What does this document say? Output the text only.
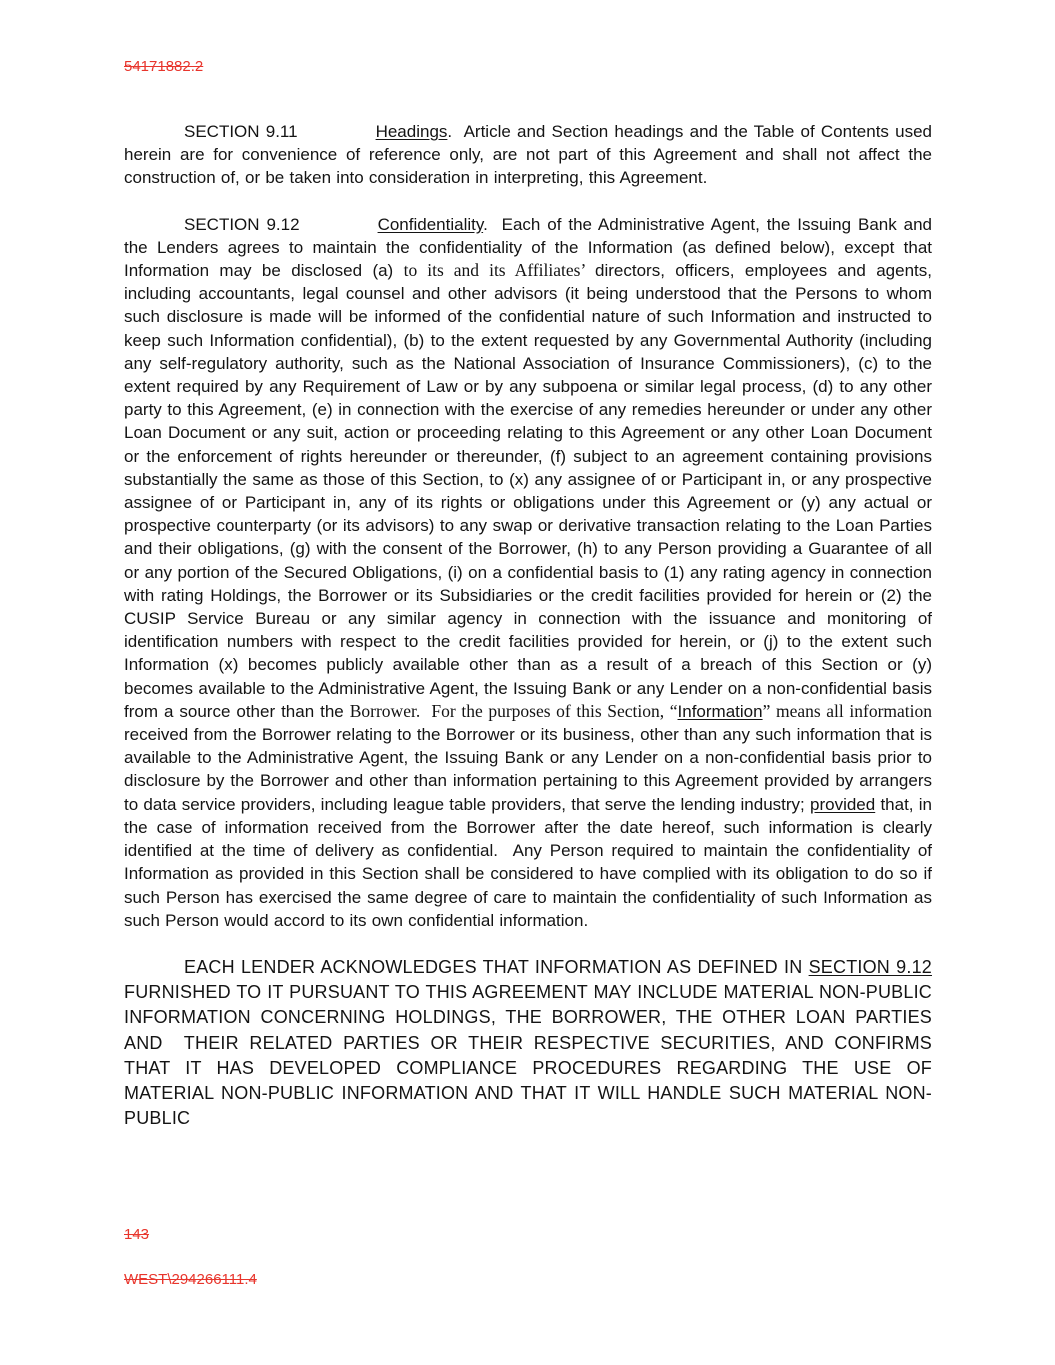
54171882.2

SECTION 9.11	Headings.  Article and Section headings and the Table of Contents used herein are for convenience of reference only, are not part of this Agreement and shall not affect the construction of, or be taken into consideration in interpreting, this Agreement.

SECTION 9.12	Confidentiality.  Each of the Administrative Agent, the Issuing Bank and the Lenders agrees to maintain the confidentiality of the Information (as defined below), except that Information may be disclosed (a) to its and its Affiliates’ directors, officers, employees and agents, including accountants, legal counsel and other advisors (it being understood that the Persons to whom such disclosure is made will be informed of the confidential nature of such Information and instructed to keep such Information confidential), (b) to the extent requested by any Governmental Authority (including any self-regulatory authority, such as the National Association of Insurance Commissioners), (c) to the extent required by any Requirement of Law or by any subpoena or similar legal process, (d) to any other party to this Agreement, (e) in connection with the exercise of any remedies hereunder or under any other Loan Document or any suit, action or proceeding relating to this Agreement or any other Loan Document or the enforcement of rights hereunder or thereunder, (f) subject to an agreement containing provisions substantially the same as those of this Section, to (x) any assignee of or Participant in, or any prospective assignee of or Participant in, any of its rights or obligations under this Agreement or (y) any actual or prospective counterparty (or its advisors) to any swap or derivative transaction relating to the Loan Parties and their obligations, (g) with the consent of the Borrower, (h) to any Person providing a Guarantee of all or any portion of the Secured Obligations, (i) on a confidential basis to (1) any rating agency in connection with rating Holdings, the Borrower or its Subsidiaries or the credit facilities provided for herein or (2) the CUSIP Service Bureau or any similar agency in connection with the issuance and monitoring of identification numbers with respect to the credit facilities provided for herein, or (j) to the extent such Information (x) becomes publicly available other than as a result of a breach of this Section or (y) becomes available to the Administrative Agent, the Issuing Bank or any Lender on a non-confidential basis from a source other than the Borrower.  For the purposes of this Section, “Information” means all information received from the Borrower relating to the Borrower or its business, other than any such information that is available to the Administrative Agent, the Issuing Bank or any Lender on a non-confidential basis prior to disclosure by the Borrower and other than information pertaining to this Agreement provided by arrangers to data service providers, including league table providers, that serve the lending industry; provided that, in the case of information received from the Borrower after the date hereof, such information is clearly identified at the time of delivery as confidential.  Any Person required to maintain the confidentiality of Information as provided in this Section shall be considered to have complied with its obligation to do so if such Person has exercised the same degree of care to maintain the confidentiality of such Information as such Person would accord to its own confidential information.

EACH LENDER ACKNOWLEDGES THAT INFORMATION AS DEFINED IN SECTION 9.12 FURNISHED TO IT PURSUANT TO THIS AGREEMENT MAY INCLUDE MATERIAL NON-PUBLIC INFORMATION CONCERNING HOLDINGS, THE BORROWER, THE OTHER LOAN PARTIES AND  THEIR RELATED PARTIES OR THEIR RESPECTIVE SECURITIES, AND CONFIRMS THAT IT HAS DEVELOPED COMPLIANCE PROCEDURES REGARDING THE USE OF MATERIAL NON-PUBLIC INFORMATION AND THAT IT WILL HANDLE SUCH MATERIAL NON-PUBLIC

143
WEST\294266111.4
